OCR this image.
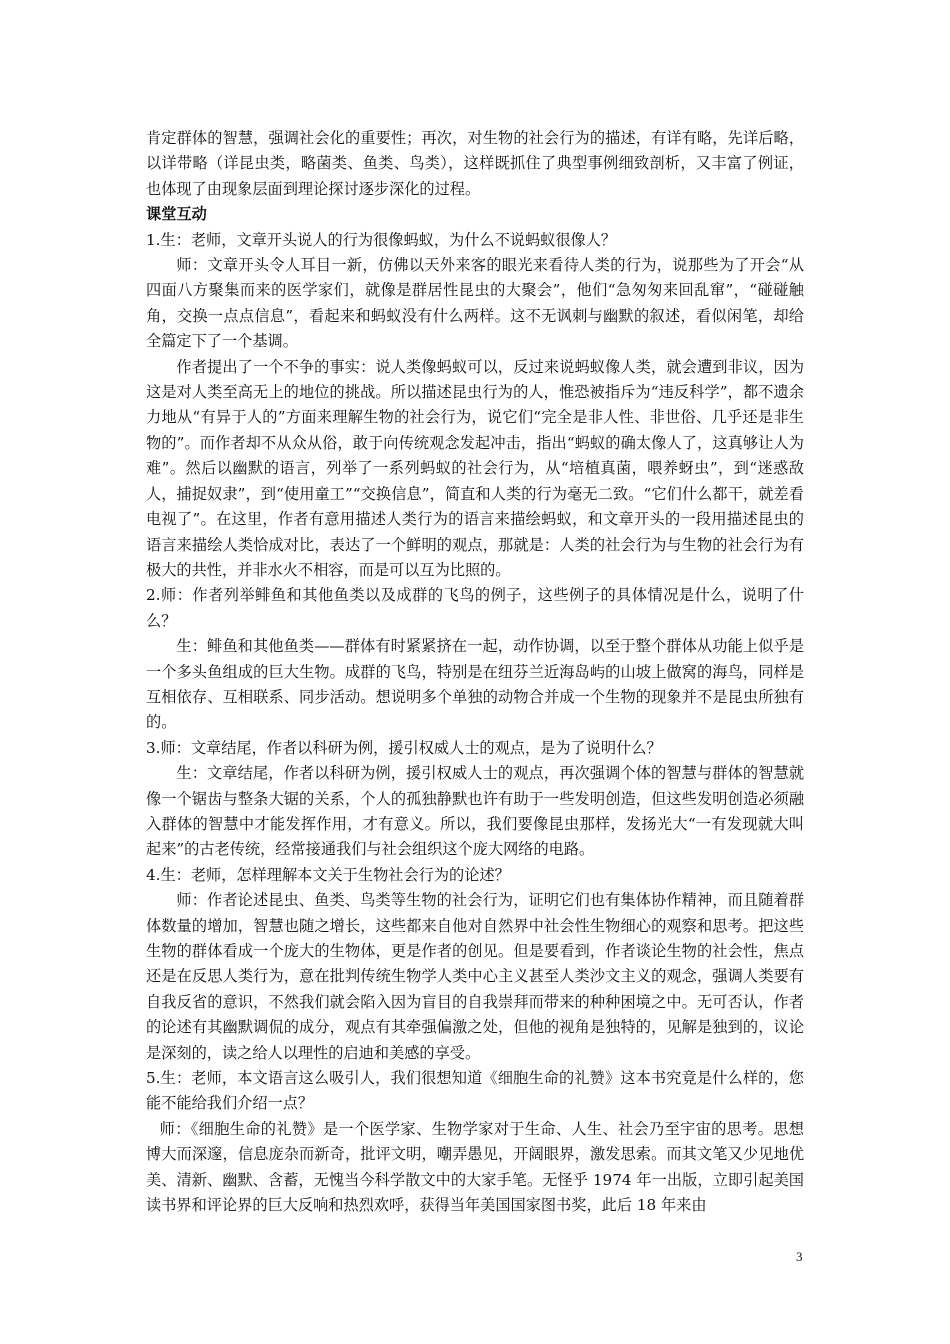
肯定群体的智慧，强调社会化的重要性；再次，对生物的社会行为的描述，有详有略，先详后略，以详带略（详昆虫类，略菌类、鱼类、鸟类），这样既抓住了典型事例细致剖析，又丰富了例证，也体现了由现象层面到理论探讨逐步深化的过程。

课堂互动

1.生：老师，文章开头说人的行为很像蚂蚁，为什么不说蚂蚁很像人？

师：文章开头令人耳目一新，仿佛以天外来客的眼光来看待人类的行为，说那些为了开会“从四面八方聚集而来的医学家们，就像是群居性昆虫的大聚会”，他们“急匆匆来回乱窜”，“碰碰触角，交换一点点信息”，看起来和蚂蚁没有什么两样。这不无讽刺与幽默的叙述，看似闲笔，却给全篇定下了一个基调。

作者提出了一个不争的事实：说人类像蚂蚁可以，反过来说蚂蚁像人类，就会遭到非议，因为这是对人类至高无上的地位的挑战。所以描述昆虫行为的人，惟恐被指斥为“违反科学”，都不遗余力地从“有异于人的”方面来理解生物的社会行为，说它们“完全是非人性、非世俗、几乎还是非生物的”。而作者却不从众从俗，敢于向传统观念发起冲击，指出“蚂蚁的确太像人了，这真够让人为难”。然后以幽默的语言，列举了一系列蚂蚁的社会行为，从“培植真菌，喂养蚜虫”，到“迷惑敌人，捕捉奴隶”，到“使用童工”“交换信息”，简直和人类的行为毫无二致。“它们什么都干，就差看电视了”。在这里，作者有意用描述人类行为的语言来描绘蚂蚁，和文章开头的一段用描述昆虫的语言来描绘人类恰成对比，表达了一个鲜明的观点，那就是：人类的社会行为与生物的社会行为有极大的共性，并非水火不相容，而是可以互为比照的。

2.师：作者列举鲱鱼和其他鱼类以及成群的飞鸟的例子，这些例子的具体情况是什么，说明了什么？

生：鲱鱼和其他鱼类——群体有时紧紧挤在一起，动作协调，以至于整个群体从功能上似乎是一个多头鱼组成的巨大生物。成群的飞鸟，特别是在纽芬兰近海岛屿的山坡上做窝的海鸟，同样是互相依存、互相联系、同步活动。想说明多个单独的动物合并成一个生物的现象并不是昆虫所独有的。

3.师：文章结尾，作者以科研为例，援引权威人士的观点，是为了说明什么？

生：文章结尾，作者以科研为例，援引权威人士的观点，再次强调个体的智慧与群体的智慧就像一个锯齿与整条大锯的关系，个人的孤独静默也许有助于一些发明创造，但这些发明创造必须融入群体的智慧中才能发挥作用，才有意义。所以，我们要像昆虫那样，发扬光大“一有发现就大叫起来”的古老传统，经常接通我们与社会组织这个庞大网络的电路。

4.生：老师，怎样理解本文关于生物社会行为的论述？

师：作者论述昆虫、鱼类、鸟类等生物的社会行为，证明它们也有集体协作精神，而且随着群体数量的增加，智慧也随之增长，这些都来自他对自然界中社会性生物细心的观察和思考。把这些生物的群体看成一个庞大的生物体，更是作者的创见。但是要看到，作者谈论生物的社会性，焦点还是在反思人类行为，意在批判传统生物学人类中心主义甚至人类沙文主义的观念，强调人类要有自我反省的意识，不然我们就会陷入因为盲目的自我崇拜而带来的种种困境之中。无可否认，作者的论述有其幽默调侃的成分，观点有其牵强偏激之处，但他的视角是独特的，见解是独到的，议论是深刻的，读之给人以理性的启迪和美感的享受。

5.生：老师，本文语言这么吸引人，我们很想知道《细胞生命的礼赞》这本书究竟是什么样的，您能不能给我们介绍一点？

师：《细胞生命的礼赞》是一个医学家、生物学家对于生命、人生、社会乃至宇宙的思考。思想博大而深邃，信息庞杂而新奇，批评文明，嘲弄愚见，开阔眼界，激发思索。而其文笔又少见地优美、清新、幽默、含蓄，无愧当今科学散文中的大家手笔。无怪乎 1974 年一出版，立即引起美国读书界和评论界的巨大反响和热烈欢呼，获得当年美国国家图书奖，此后 18 年来由

3
